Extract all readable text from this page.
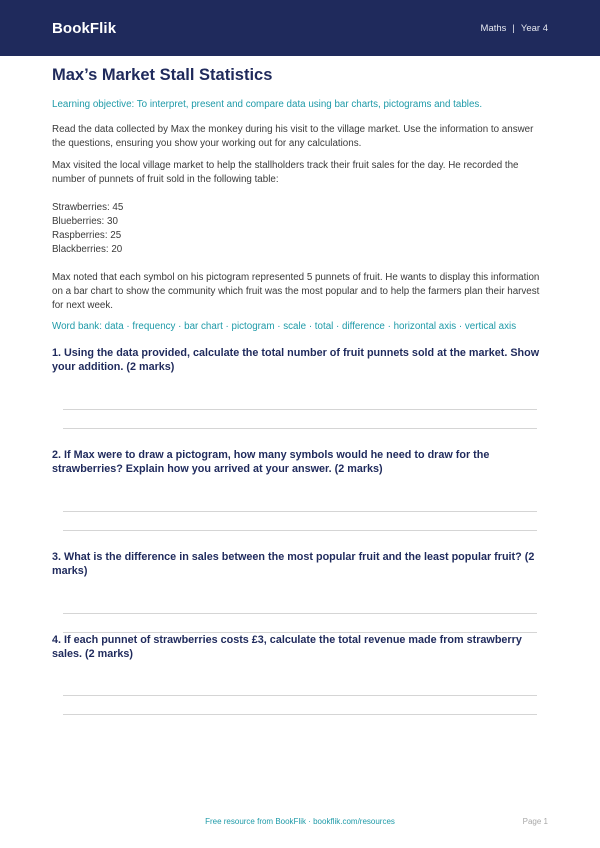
BookFlik	Maths | Year 4
Max’s Market Stall Statistics
Learning objective: To interpret, present and compare data using bar charts, pictograms and tables.

Read the data collected by Max the monkey during his visit to the village market. Use the information to answer the questions, ensuring you show your working out for any calculations.

Max visited the local village market to help the stallholders track their fruit sales for the day. He recorded the number of punnets of fruit sold in the following table:

Strawberries: 45
Blueberries: 30
Raspberries: 25
Blackberries: 20

Max noted that each symbol on his pictogram represented 5 punnets of fruit. He wants to display this information on a bar chart to show the community which fruit was the most popular and to help the farmers plan their harvest for next week.

Word bank: data · frequency · bar chart · pictogram · scale · total · difference · horizontal axis · vertical axis

1. Using the data provided, calculate the total number of fruit punnets sold at the market. Show your addition. (2 marks)

2. If Max were to draw a pictogram, how many symbols would he need to draw for the strawberries? Explain how you arrived at your answer. (2 marks)

3. What is the difference in sales between the most popular fruit and the least popular fruit? (2 marks)

4. If each punnet of strawberries costs £3, calculate the total revenue made from strawberry sales. (2 marks)

Free resource from BookFlik · bookflik.com/resources	Page 1
